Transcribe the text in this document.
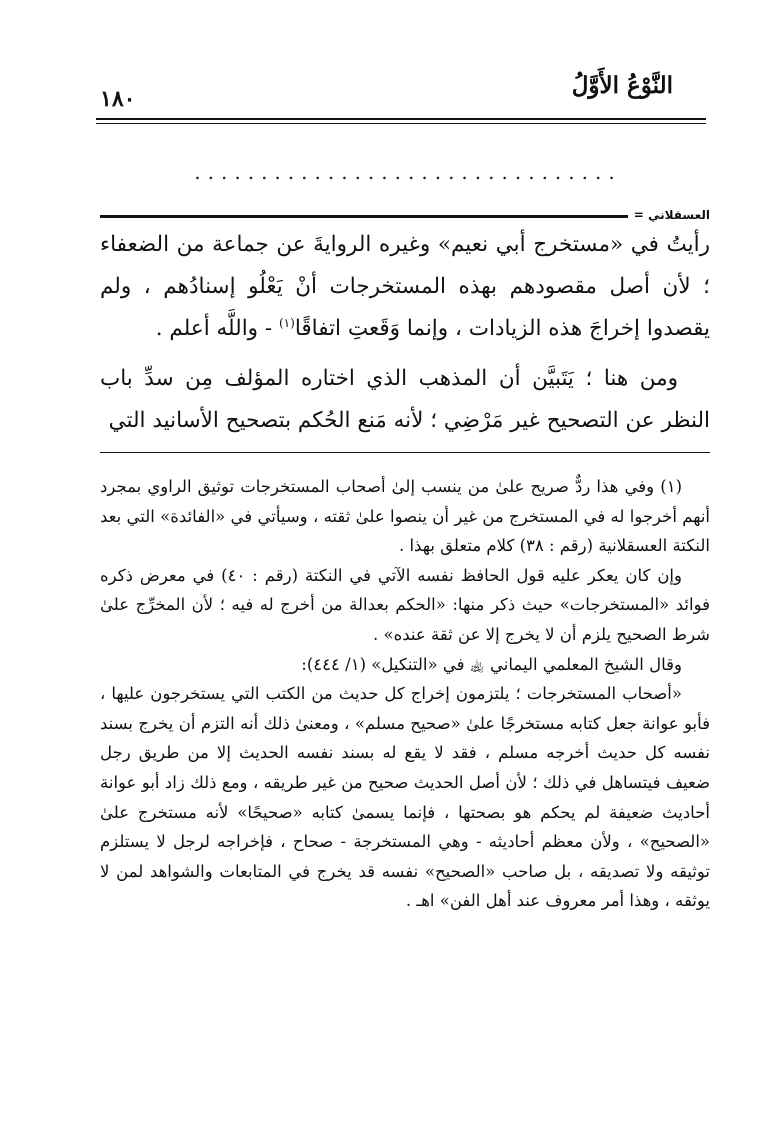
النَّوْعُ الأَوَّلُ
١٨٠
................................
العسقلاني =

رأيتُ في «مستخرج أبي نعيم» وغيره الروايةَ عن جماعة من الضعفاء ؛ لأن أصل مقصودهم بهذه المستخرجات أنْ يَعْلُو إسنادُهم ، ولم يقصدوا إخراجَ هذه الزيادات ، وإنما وَقَعتِ اتفاقًا$^{(١)}$ - واللَّه أعلم .

ومن هنا ؛ يَتَبيَّن أن المذهب الذي اختاره المؤلف مِن سدِّ باب النظر عن التصحيح غير مَرْضِي ؛ لأنه مَنع الحُكم بتصحيح الأسانيد التي

(١) وفي هذا ردٌّ صريح علىٰ من ينسب إلىٰ أصحاب المستخرجات توثيق الراوي بمجرد أنهم أخرجوا له في المستخرج من غير أن ينصوا علىٰ ثقته ، وسيأتي في «الفائدة» التي بعد النكتة العسقلانية (رقم : ٣٨) كلام متعلق بهذا .

وإن كان يعكر عليه قول الحافظ نفسه الآتي في النكتة (رقم : ٤٠) في معرض ذكره فوائد «المستخرجات» حيث ذكر منها: «الحكم بعدالة من أخرج له فيه ؛ لأن المخرِّج علىٰ شرط الصحيح يلزم أن لا يخرج إلا عن ثقة عنده» .

وقال الشيخ المعلمي اليماني ﵀ في «التنكيل» (١/ ٤٤٤):

«أصحاب المستخرجات ؛ يلتزمون إخراج كل حديث من الكتب التي يستخرجون عليها ، فأبو عوانة جعل كتابه مستخرجًا علىٰ «صحيح مسلم» ، ومعنىٰ ذلك أنه التزم أن يخرج بسند نفسه كل حديث أخرجه مسلم ، فقد لا يقع له بسند نفسه الحديث إلا من طريق رجل ضعيف فيتساهل في ذلك ؛ لأن أصل الحديث صحيح من غير طريقه ، ومع ذلك زاد أبو عوانة أحاديث ضعيفة لم يحكم هو بصحتها ، فإنما يسمىٰ كتابه «صحيحًا» لأنه مستخرج علىٰ «الصحيح» ، ولأن معظم أحاديثه - وهي المستخرجة - صحاح ، فإخراجه لرجل لا يستلزم توثيقه ولا تصديقه ، بل صاحب «الصحيح» نفسه قد يخرج في المتابعات والشواهد لمن لا يوثقه ، وهذا أمر معروف عند أهل الفن» اهـ .
